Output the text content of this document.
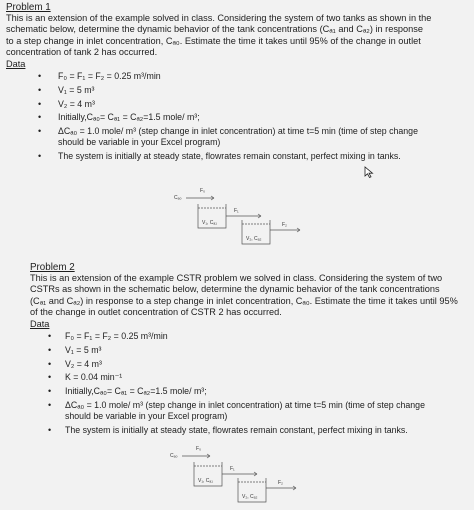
Problem 1

This is an extension of the example solved in class. Considering the system of two tanks as shown in the

schematic below, determine the dynamic behavior of the tank concentrations (Cₐ₁ and Cₐ₂) in response

to a step change in inlet concentration, Cₐ₀. Estimate the time it takes until 95% of the change in outlet

concentration of tank 2 has occurred.

Data

• F₀ = F₁ = F₂ = 0.25 m³/min
• V₁ = 5 m³
• V₂ = 4 m³
• Initially,Cₐ₀= Cₐ₁ = Cₐ₂=1.5 mole/ m³;
• ΔCₐ₀ = 1.0 mole/ m³ (step change in inlet concentration) at time t=5 min (time of step change
should be variable in your Excel program)
• The system is initially at steady state, flowrates remain constant, perfect mixing in tanks.
F₀
Cₐ₀
F₁
F₂
V₁, Cₐ₁
V₂, Cₐ₂

Problem 2

This is an extension of the example CSTR problem we solved in class. Considering the system of two

CSTRs as shown in the schematic below, determine the dynamic behavior of the tank concentrations

(Cₐ₁ and Cₐ₂) in response to a step change in inlet concentration, Cₐ₀. Estimate the time it takes until 95%

of the change in outlet concentration of CSTR 2 has occurred.

Data

• F₀ = F₁ = F₂ = 0.25 m³/min
• V₁ = 5 m³
• V₂ = 4 m³
• K = 0.04 min⁻¹
• Initially,Cₐ₀= Cₐ₁ = Cₐ₂=1.5 mole/ m³;
• ΔCₐ₀ = 1.0 mole/ m³ (step change in inlet concentration) at time t=5 min (time of step change
should be variable in your Excel program)
• The system is initially at steady state, flowrates remain constant, perfect mixing in tanks.
F₀
Cₐ₀
F₁
F₂
V₁, Cₐ₁
V₂, Cₐ₂
